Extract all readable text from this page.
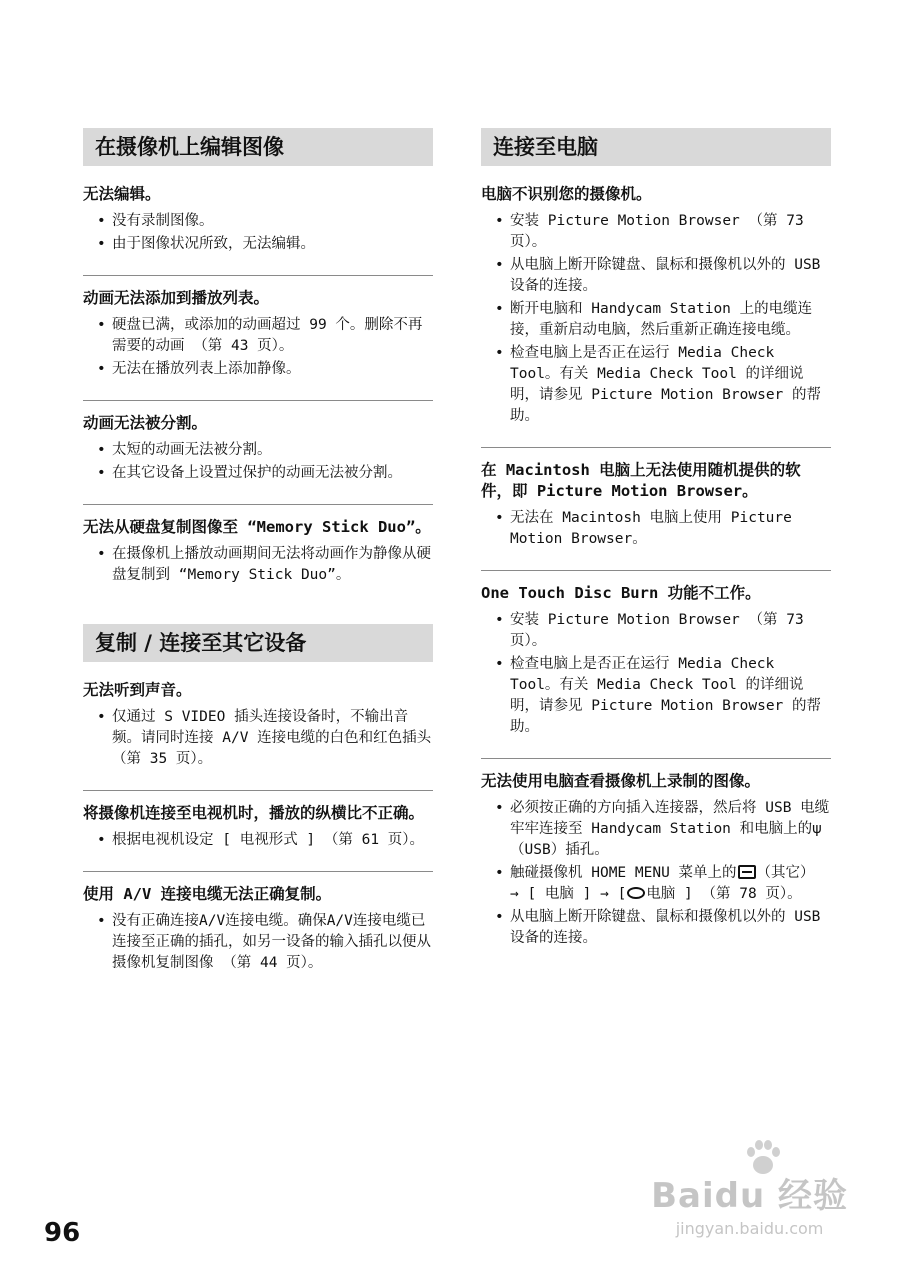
在摄像机上编辑图像
无法编辑。
• 没有录制图像。
• 由于图像状况所致，无法编辑。
动画无法添加到播放列表。
• 硬盘已满，或添加的动画超过 99 个。删除不再需要的动画 （第 43 页）。
• 无法在播放列表上添加静像。
动画无法被分割。
• 太短的动画无法被分割。
• 在其它设备上设置过保护的动画无法被分割。
无法从硬盘复制图像至 “Memory Stick Duo”。
• 在摄像机上播放动画期间无法将动画作为静像从硬盘复制到 “Memory Stick Duo”。
复制 / 连接至其它设备
无法听到声音。
• 仅通过 S VIDEO 插头连接设备时，不输出音频。请同时连接 A/V 连接电缆的白色和红色插头 （第 35 页）。
将摄像机连接至电视机时，播放的纵横比不正确。
• 根据电视机设定 [ 电视形式 ] （第 61 页）。
使用 A/V 连接电缆无法正确复制。
• 没有正确连接A/V连接电缆。确保A/V连接电缆已连接至正确的插孔，如另一设备的输入插孔以便从摄像机复制图像 （第 44 页）。
连接至电脑
电脑不识别您的摄像机。
• 安装 Picture Motion Browser （第 73 页）。
• 从电脑上断开除键盘、鼠标和摄像机以外的 USB 设备的连接。
• 断开电脑和 Handycam Station 上的电缆连接，重新启动电脑，然后重新正确连接电缆。
• 检查电脑上是否正在运行 Media Check Tool。有关 Media Check Tool 的详细说明，请参见 Picture Motion Browser 的帮助。
在 Macintosh 电脑上无法使用随机提供的软件，即 Picture Motion Browser。
• 无法在 Macintosh 电脑上使用 Picture Motion Browser。
One Touch Disc Burn 功能不工作。
• 安装 Picture Motion Browser （第 73 页）。
• 检查电脑上是否正在运行 Media Check Tool。有关 Media Check Tool 的详细说明，请参见 Picture Motion Browser 的帮助。
无法使用电脑查看摄像机上录制的图像。
• 必须按正确的方向插入连接器，然后将 USB 电缆牢牢连接至 Handycam Station 和电脑上的ψ（USB）插孔。
• 触碰摄像机 HOME MENU 菜单上的 （其它） → [ 电脑 ] → [ 电脑 ] （第 78 页）。
• 从电脑上断开除键盘、鼠标和摄像机以外的 USB 设备的连接。
96
Baidu 经验
jingyan.baidu.com
